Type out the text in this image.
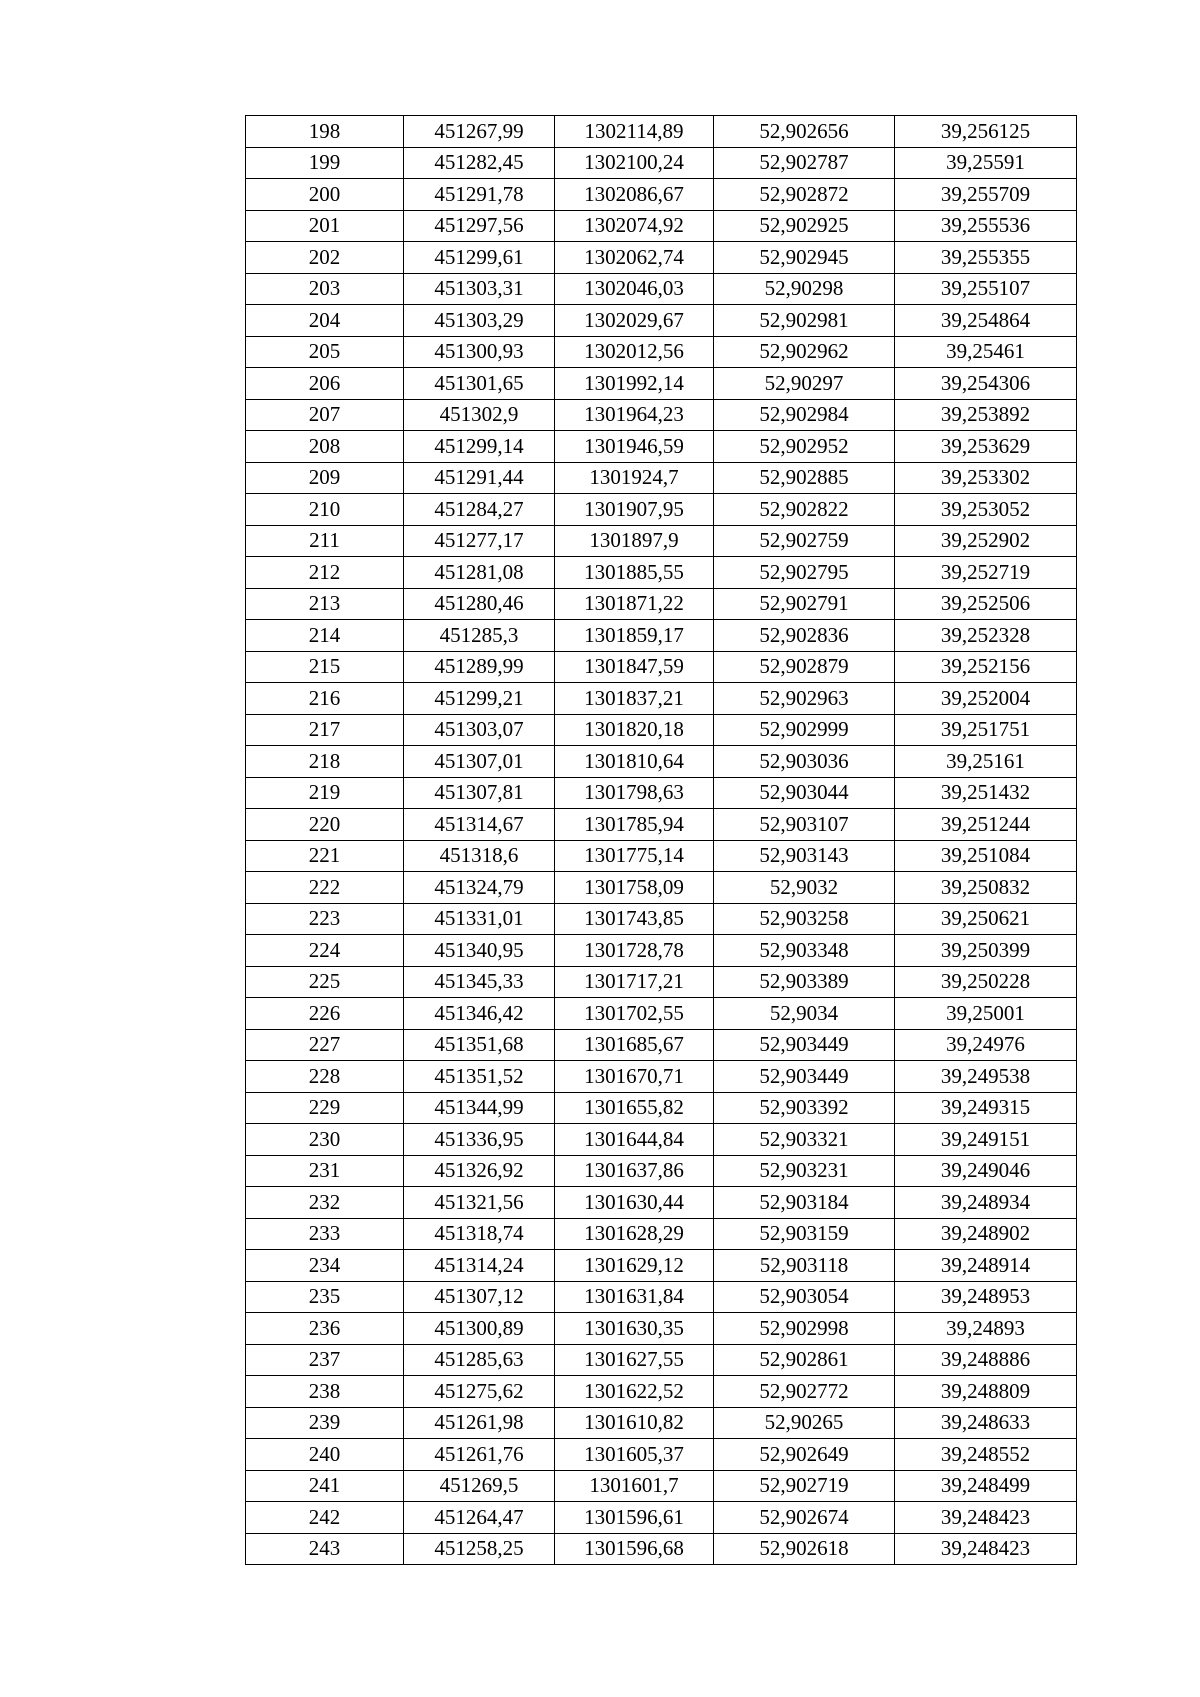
198	451267,99	1302114,89	52,902656	39,256125
199	451282,45	1302100,24	52,902787	39,25591
200	451291,78	1302086,67	52,902872	39,255709
201	451297,56	1302074,92	52,902925	39,255536
202	451299,61	1302062,74	52,902945	39,255355
203	451303,31	1302046,03	52,90298	39,255107
204	451303,29	1302029,67	52,902981	39,254864
205	451300,93	1302012,56	52,902962	39,25461
206	451301,65	1301992,14	52,90297	39,254306
207	451302,9	1301964,23	52,902984	39,253892
208	451299,14	1301946,59	52,902952	39,253629
209	451291,44	1301924,7	52,902885	39,253302
210	451284,27	1301907,95	52,902822	39,253052
211	451277,17	1301897,9	52,902759	39,252902
212	451281,08	1301885,55	52,902795	39,252719
213	451280,46	1301871,22	52,902791	39,252506
214	451285,3	1301859,17	52,902836	39,252328
215	451289,99	1301847,59	52,902879	39,252156
216	451299,21	1301837,21	52,902963	39,252004
217	451303,07	1301820,18	52,902999	39,251751
218	451307,01	1301810,64	52,903036	39,25161
219	451307,81	1301798,63	52,903044	39,251432
220	451314,67	1301785,94	52,903107	39,251244
221	451318,6	1301775,14	52,903143	39,251084
222	451324,79	1301758,09	52,9032	39,250832
223	451331,01	1301743,85	52,903258	39,250621
224	451340,95	1301728,78	52,903348	39,250399
225	451345,33	1301717,21	52,903389	39,250228
226	451346,42	1301702,55	52,9034	39,25001
227	451351,68	1301685,67	52,903449	39,24976
228	451351,52	1301670,71	52,903449	39,249538
229	451344,99	1301655,82	52,903392	39,249315
230	451336,95	1301644,84	52,903321	39,249151
231	451326,92	1301637,86	52,903231	39,249046
232	451321,56	1301630,44	52,903184	39,248934
233	451318,74	1301628,29	52,903159	39,248902
234	451314,24	1301629,12	52,903118	39,248914
235	451307,12	1301631,84	52,903054	39,248953
236	451300,89	1301630,35	52,902998	39,24893
237	451285,63	1301627,55	52,902861	39,248886
238	451275,62	1301622,52	52,902772	39,248809
239	451261,98	1301610,82	52,90265	39,248633
240	451261,76	1301605,37	52,902649	39,248552
241	451269,5	1301601,7	52,902719	39,248499
242	451264,47	1301596,61	52,902674	39,248423
243	451258,25	1301596,68	52,902618	39,248423
